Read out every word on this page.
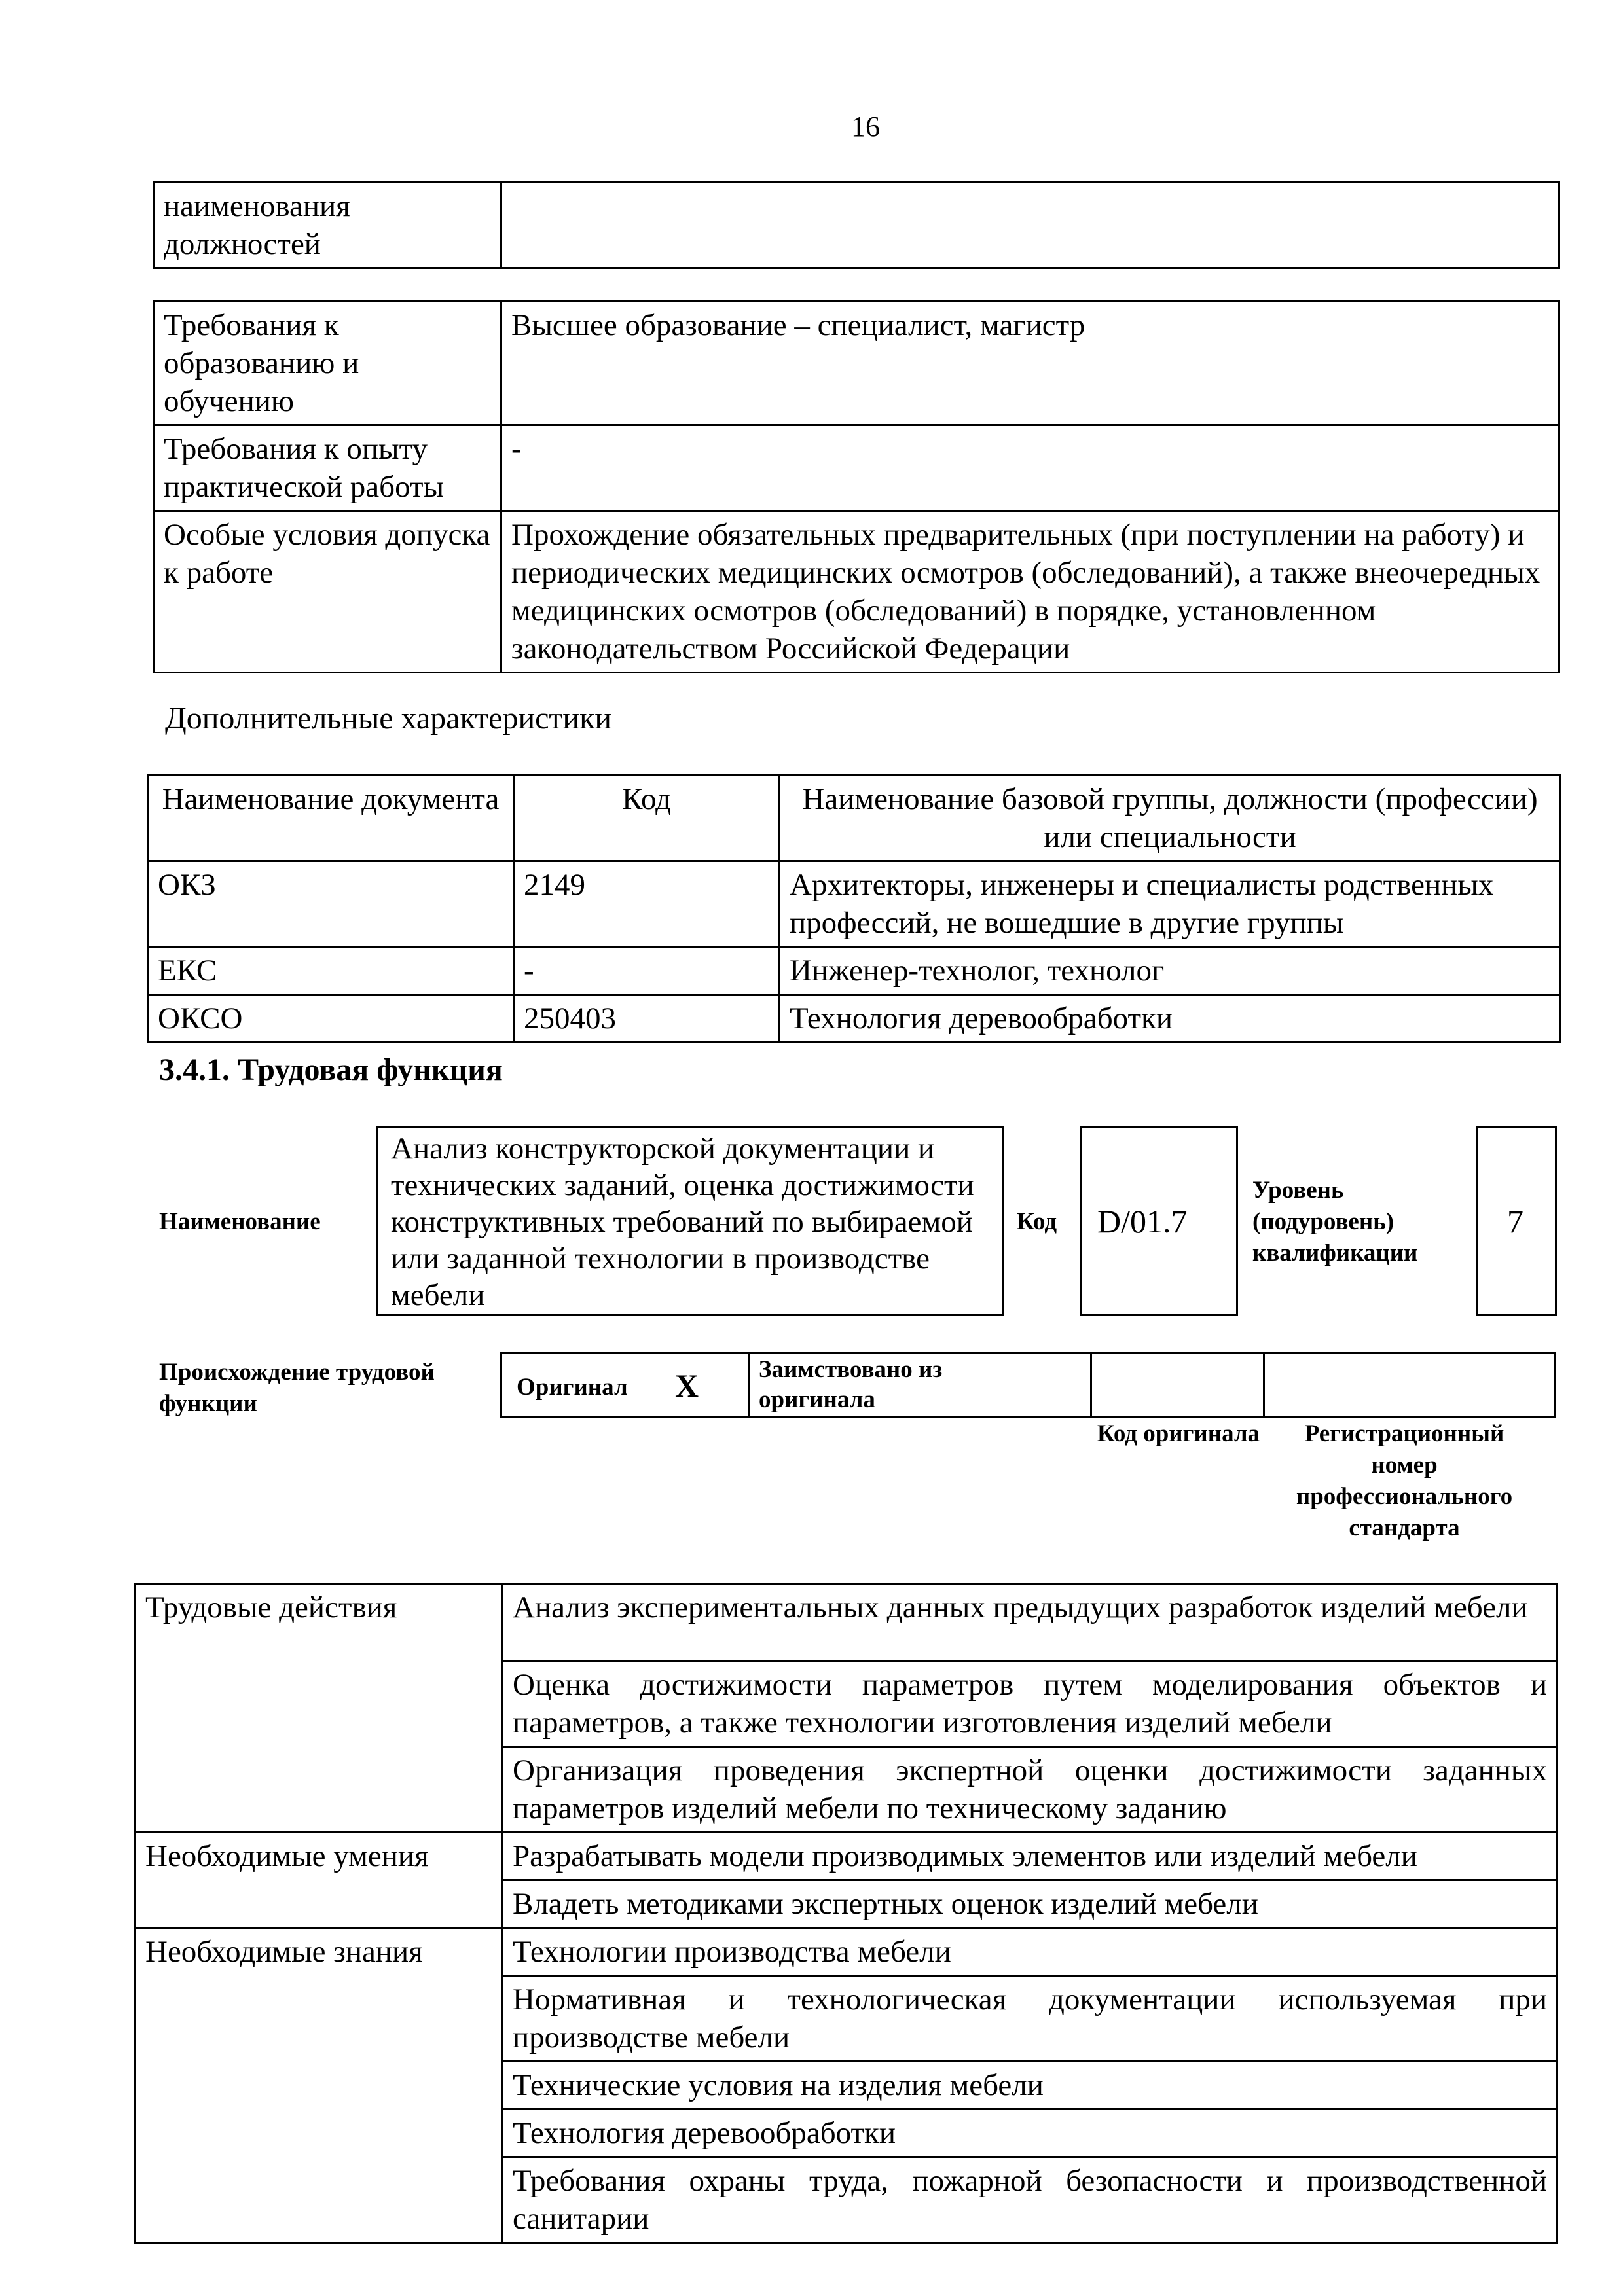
16
наименования должностей	
Требования к образованию и обучению	Высшее образование – специалист, магистр
Требования к опыту практической работы	-
Особые условия допуска к работе	Прохождение обязательных предварительных (при поступлении на работу) и периодических медицинских осмотров (обследований), а также внеочередных медицинских осмотров (обследований) в порядке, установленном законодательством Российской Федерации
Дополнительные характеристики
Наименование документа	Код	Наименование базовой группы, должности (профессии) или специальности
ОКЗ	2149	Архитекторы, инженеры и специалисты родственных профессий, не вошедшие в другие группы
ЕКС	-	Инженер-технолог, технолог
ОКСО	250403	Технология деревообработки
3.4.1. Трудовая функция
Наименование
Анализ конструкторской документации и технических заданий, оценка достижимости конструктивных требований по выбираемой или заданной технологии в производстве мебели
Код D/01.7
Уровень (подуровень) квалификации
7
Происхождение трудовой функции
Оригинал X Заимствовано из оригинала
Код оригинала	Регистрационный номер профессионального стандарта
Трудовые действия	Анализ экспериментальных данных предыдущих разработок изделий мебели
	Оценка достижимости параметров путем моделирования объектов и параметров, а также технологии изготовления изделий мебели
	Организация проведения экспертной оценки достижимости заданных параметров изделий мебели по техническому заданию
Необходимые умения	Разрабатывать модели производимых элементов или изделий мебели
	Владеть методиками экспертных оценок изделий мебели
Необходимые знания	Технологии производства мебели
	Нормативная и технологическая документации используемая при производстве мебели
	Технические условия на изделия мебели
	Технология деревообработки
	Требования охраны труда, пожарной безопасности и производственной санитарии
